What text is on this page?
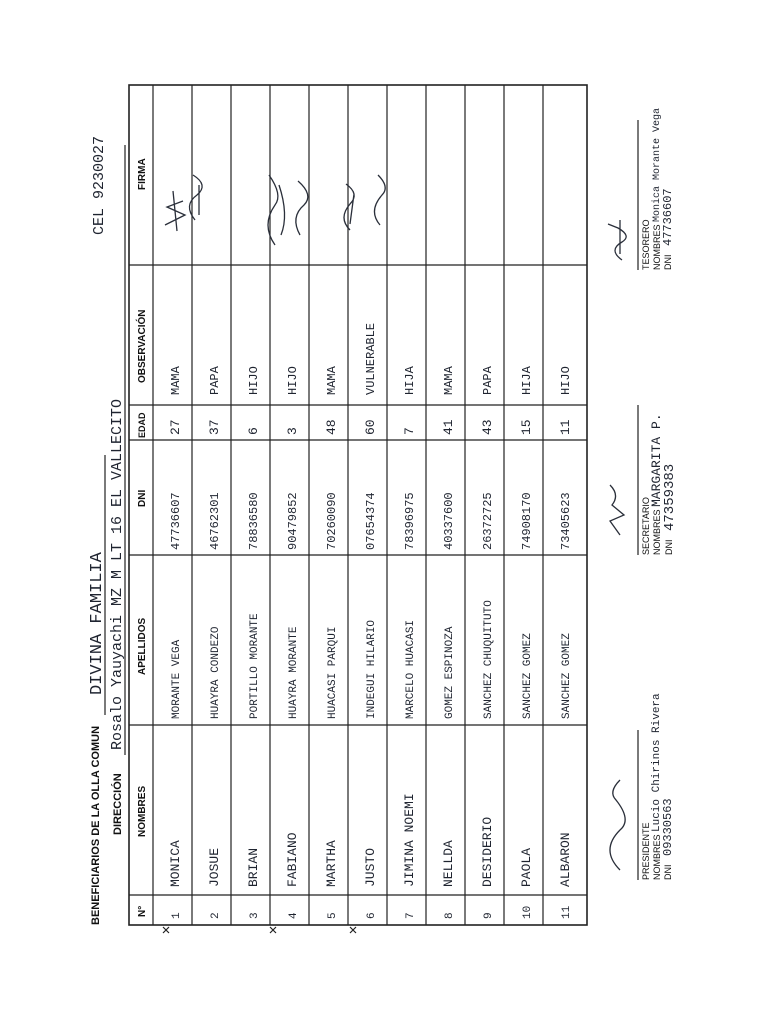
BENEFICIARIOS DE LA OLLA COMUN
DIVINA FAMILIA
CEL 9230027
DIRECCIÓN
Rosalo Yauyachi MZ M LT 16 EL VALLECITO
N°
NOMBRES
APELLIDOS
DNI
EDAD
OBSERVACIÓN
FIRMA
1
MONICA
MORANTE VEGA
47736607
27
MAMA
2
JOSUE
HUAYRA CONDEZO
46762301
37
PAPA
3
BRIAN
PORTILLO MORANTE
78836580
6
HIJO
4
FABIANO
HUAYRA MORANTE
90479852
3
HIJO
5
MARTHA
HUACASI PARQUI
70260090
48
MAMA
6
JUSTO
INDEGUI HILARIO
07654374
60
VULNERABLE
7
JIMINA NOEMI
MARCELO HUACASI
78396975
7
HIJA
8
NELLDA
GOMEZ ESPINOZA
40337600
41
MAMA
9
DESIDERIO
SANCHEZ CHUQUITUTO
26372725
43
PAPA
10
PAOLA
SANCHEZ GOMEZ
74908170
15
HIJA
11
ALBARON
SANCHEZ GOMEZ
73405623
11
HIJO
PRESIDENTE NOMBRES
Lucio Chirinos Rivera
DNI
09330563
SECRETARIO NOMBRES
MARGARITA P.
DNI
47359383
TESORERO NOMBRES
Monica Morante Vega
DNI
47736607
